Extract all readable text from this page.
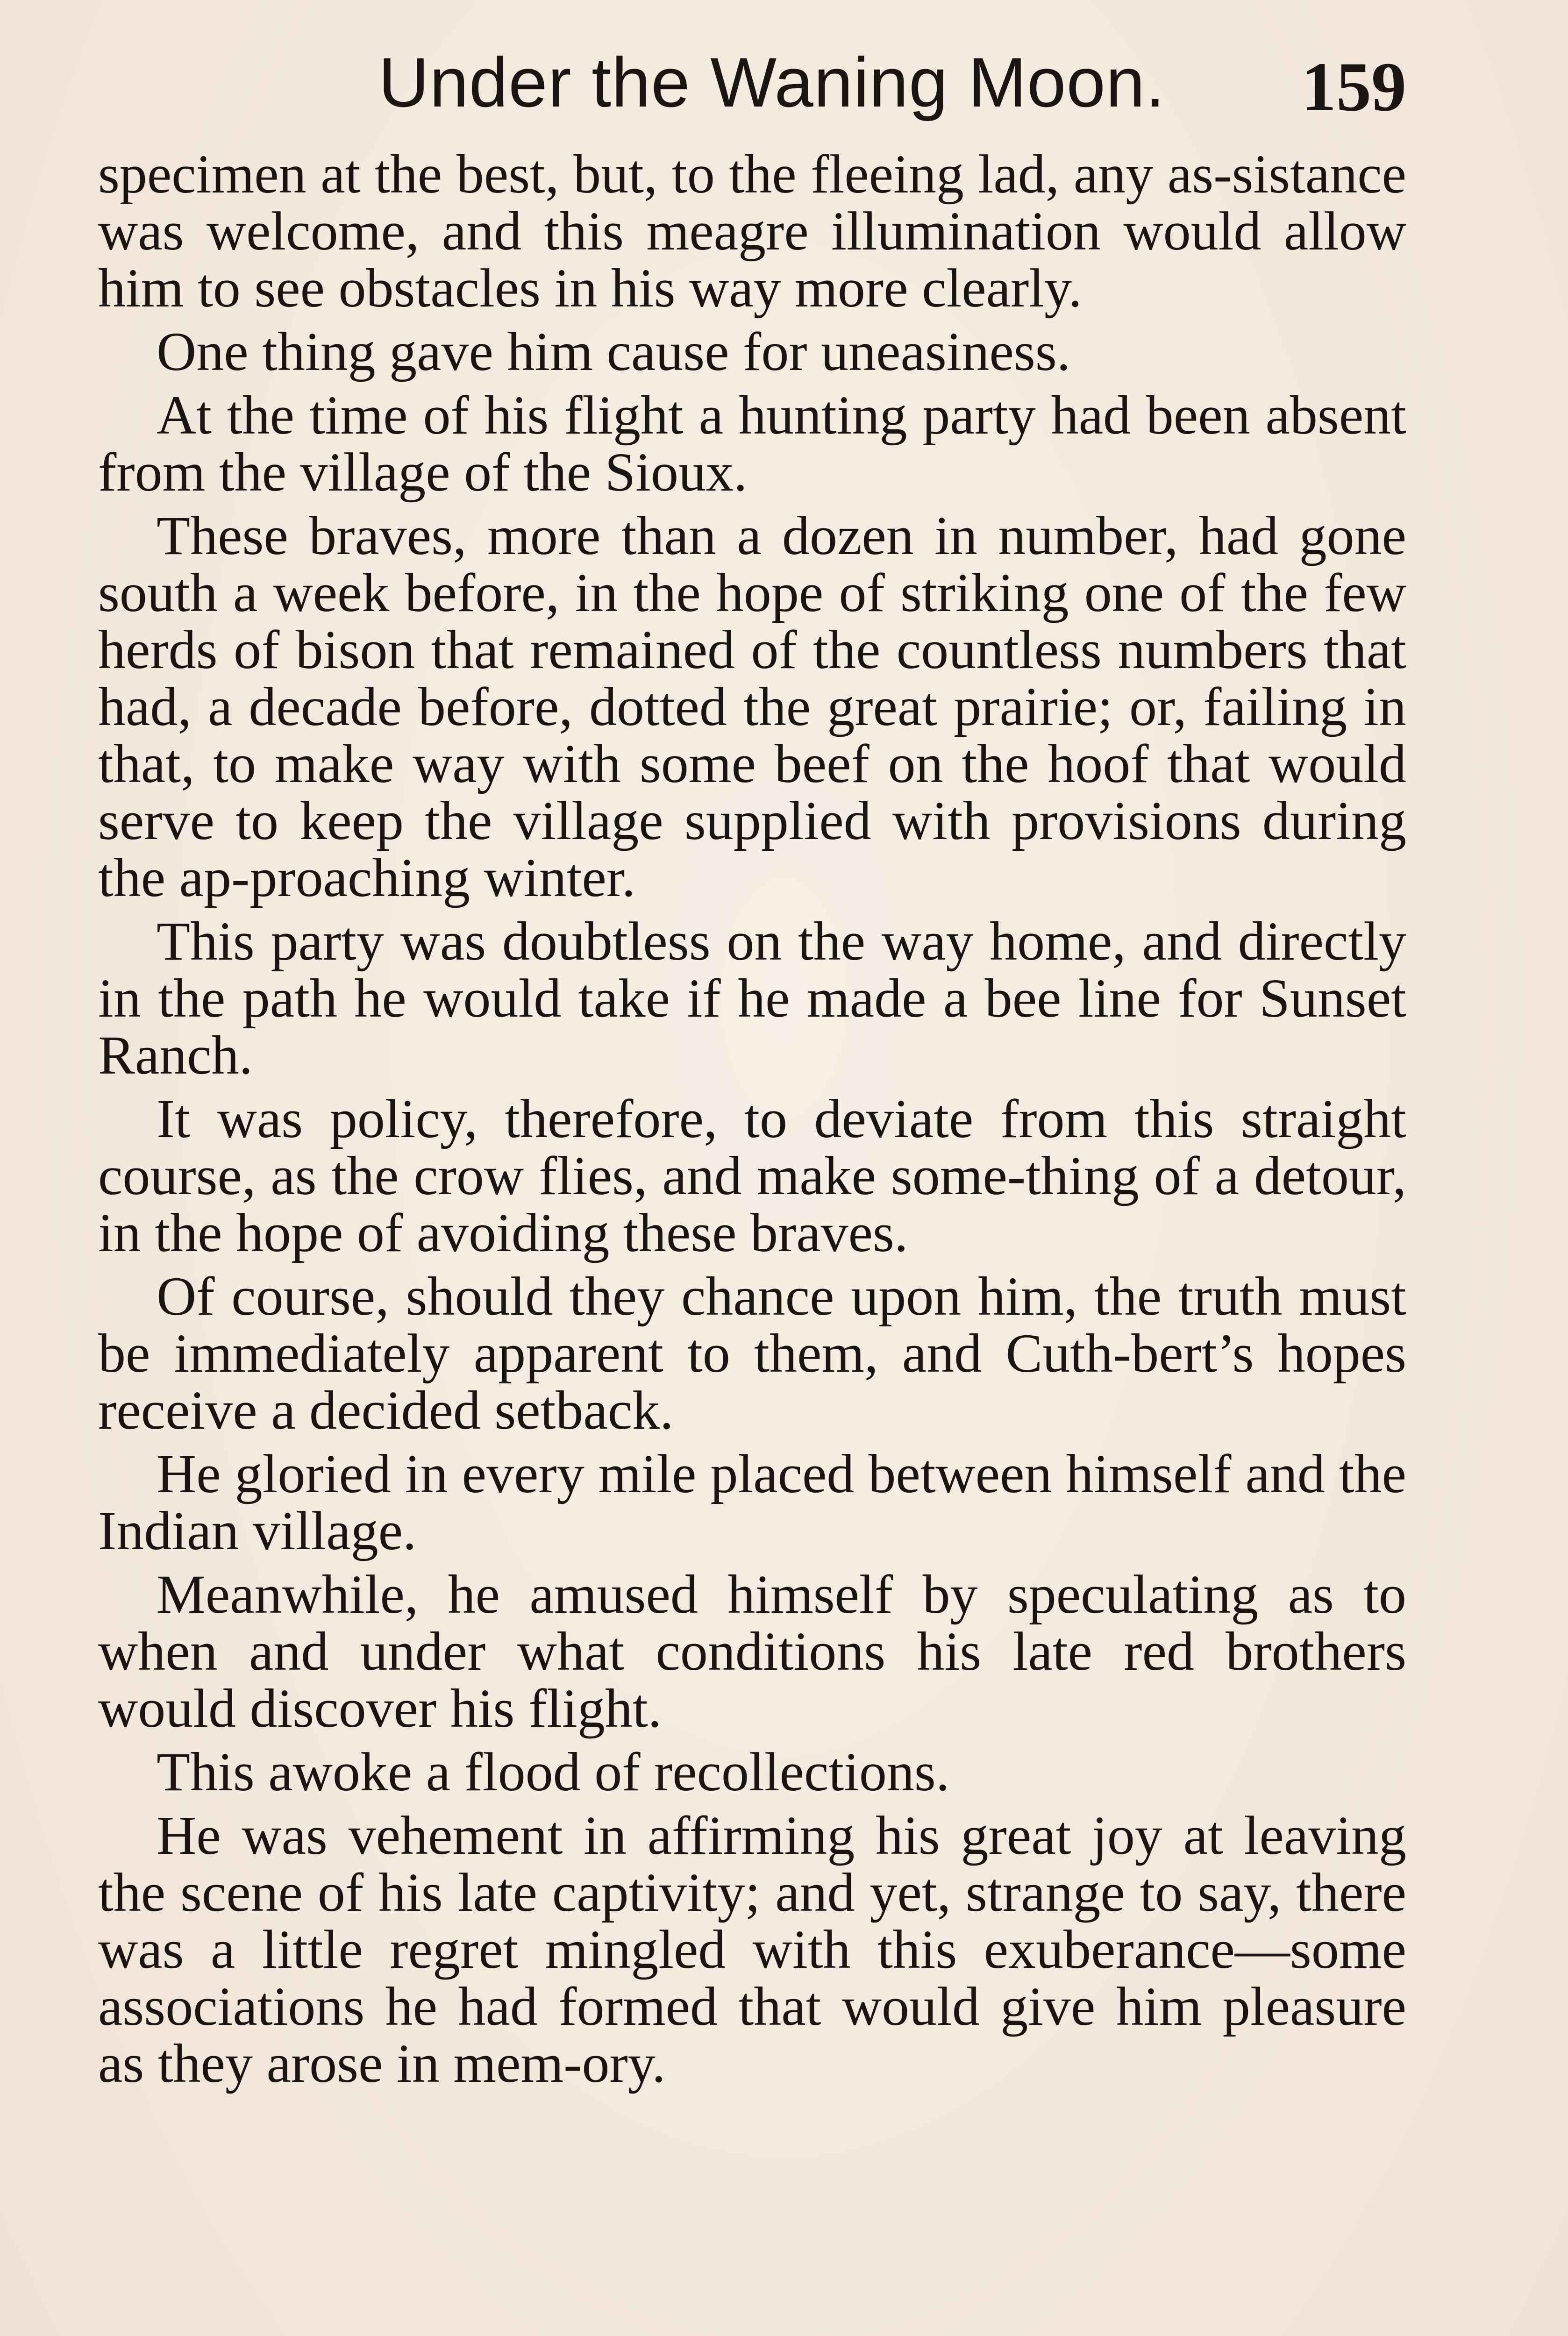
Under the Waning Moon. 159

specimen at the best, but, to the fleeing lad, any as-sistance was welcome, and this meagre illumination would allow him to see obstacles in his way more clearly.

One thing gave him cause for uneasiness.

At the time of his flight a hunting party had been absent from the village of the Sioux.

These braves, more than a dozen in number, had gone south a week before, in the hope of striking one of the few herds of bison that remained of the countless numbers that had, a decade before, dotted the great prairie; or, failing in that, to make way with some beef on the hoof that would serve to keep the village supplied with provisions during the ap-proaching winter.

This party was doubtless on the way home, and directly in the path he would take if he made a bee line for Sunset Ranch.

It was policy, therefore, to deviate from this straight course, as the crow flies, and make some-thing of a detour, in the hope of avoiding these braves.

Of course, should they chance upon him, the truth must be immediately apparent to them, and Cuth-bert’s hopes receive a decided setback.

He gloried in every mile placed between himself and the Indian village.

Meanwhile, he amused himself by speculating as to when and under what conditions his late red brothers would discover his flight.

This awoke a flood of recollections.

He was vehement in affirming his great joy at leaving the scene of his late captivity; and yet, strange to say, there was a little regret mingled with this exuberance—some associations he had formed that would give him pleasure as they arose in mem-ory.
